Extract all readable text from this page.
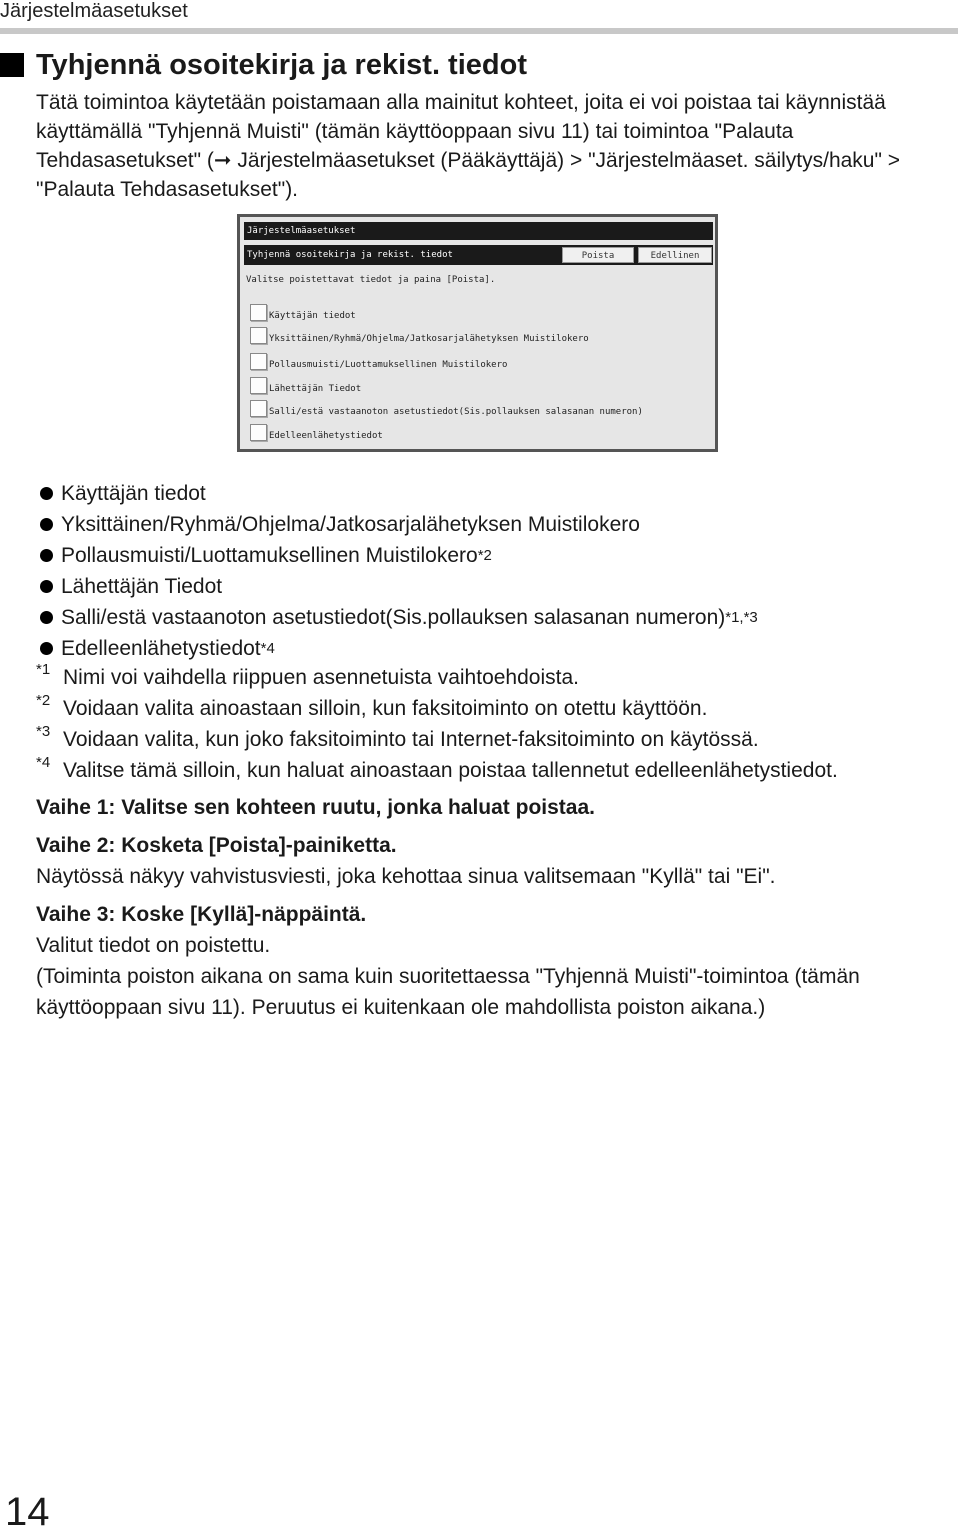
Järjestelmäasetukset
Tyhjennä osoitekirja ja rekist. tiedot

Tätä toimintoa käytetään poistamaan alla mainitut kohteet, joita ei voi poistaa tai käynnistää käyttämällä "Tyhjennä Muisti" (tämän käyttöoppaan sivu 11) tai toimintoa "Palauta Tehdasasetukset" (➞ Järjestelmäasetukset (Pääkäyttäjä) > "Järjestelmäaset. säilytys/haku" > "Palauta Tehdasasetukset").

Järjestelmäasetukset
Tyhjennä osoitekirja ja rekist. tiedot	Poista	Edellinen
Valitse poistettavat tiedot ja paina [Poista].
Käyttäjän tiedot
Yksittäinen/Ryhmä/Ohjelma/Jatkosarjalähetyksen Muistilokero
Pollausmuisti/Luottamuksellinen Muistilokero
Lähettäjän Tiedot
Salli/estä vastaanoton asetustiedot(Sis.pollauksen salasanan numeron)
Edelleenlähetystiedot
Käyttäjän tiedot
Yksittäinen/Ryhmä/Ohjelma/Jatkosarjalähetyksen Muistilokero
Pollausmuisti/Luottamuksellinen Muistilokero *2
Lähettäjän Tiedot
Salli/estä vastaanoton asetustiedot(Sis.pollauksen salasanan numeron) *1,*3
Edelleenlähetystiedot *4
*1 Nimi voi vaihdella riippuen asennetuista vaihtoehdoista.
*2 Voidaan valita ainoastaan silloin, kun faksitoiminto on otettu käyttöön.
*3 Voidaan valita, kun joko faksitoiminto tai Internet-faksitoiminto on käytössä.
*4 Valitse tämä silloin, kun haluat ainoastaan poistaa tallennetut edelleenlähetystiedot.
Vaihe 1: Valitse sen kohteen ruutu, jonka haluat poistaa.
Vaihe 2: Kosketa [Poista]-painiketta.
Näytössä näkyy vahvistusviesti, joka kehottaa sinua valitsemaan "Kyllä" tai "Ei".
Vaihe 3: Koske [Kyllä]-näppäintä.
Valitut tiedot on poistettu.
(Toiminta poiston aikana on sama kuin suoritettaessa "Tyhjennä Muisti"-toimintoa (tämän käyttöoppaan sivu 11). Peruutus ei kuitenkaan ole mahdollista poiston aikana.)
14
